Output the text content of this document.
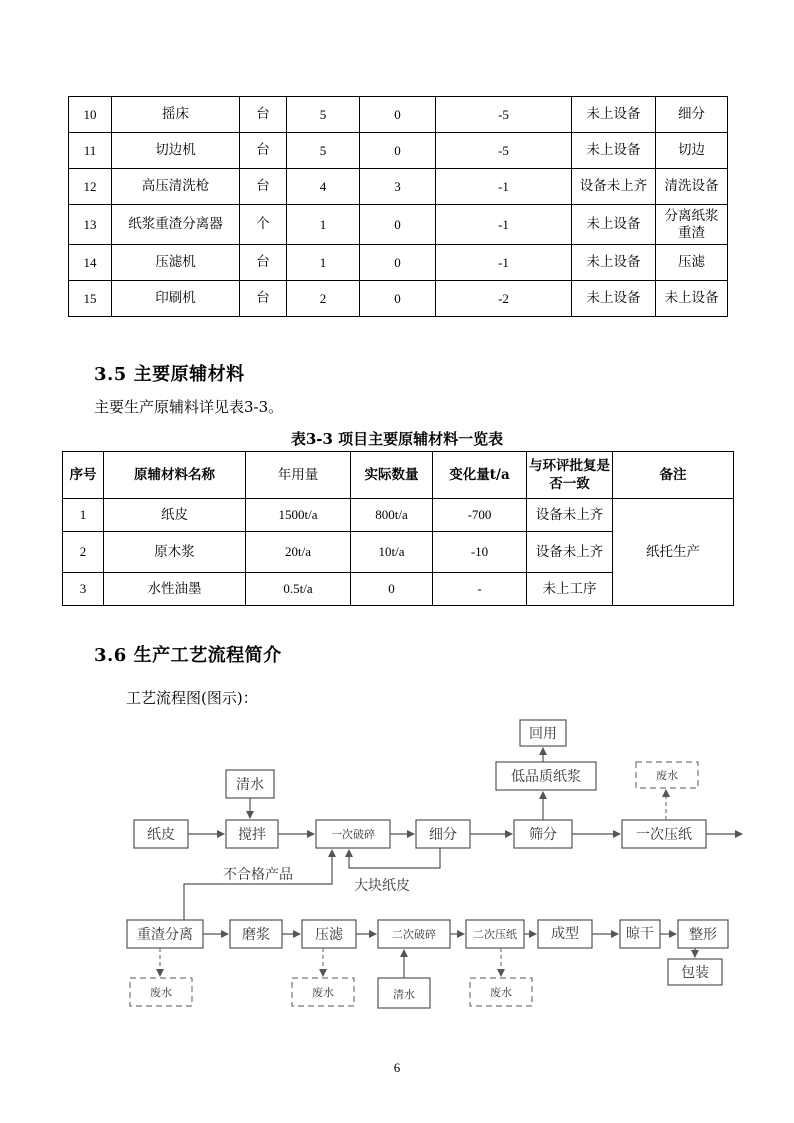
10	摇床	台	5	0	-5	未上设备	细分
11	切边机	台	5	0	-5	未上设备	切边
12	高压清洗枪	台	4	3	-1	设备未上齐	清洗设备
13	纸浆重渣分离器	个	1	0	-1	未上设备	分离纸浆重渣
14	压滤机	台	1	0	-1	未上设备	压滤
15	印刷机	台	2	0	-2	未上设备	未上设备
3.5 主要原辅材料
主要生产原辅料详见表3-3。
表3-3 项目主要原辅材料一览表
序号	原辅材料名称	年用量	实际数量	变化量t/a	与环评批复是否一致	备注
1	纸皮	1500t/a	800t/a	-700	设备未上齐	纸托生产
2	原木浆	20t/a	10t/a	-10	设备未上齐	
3	水性油墨	0.5t/a	0	-	未上工序	
3.6 生产工艺流程简介
工艺流程图(图示)：
回用
低品质纸浆	废水
清水
纸皮	搅拌	一次破碎	细分	筛分	一次压纸
不合格产品
大块纸皮
重渣分离	磨浆	压滤	二次破碎	二次压纸 成型	晾干	整形
包装
废水	废水	清水	废水
6
